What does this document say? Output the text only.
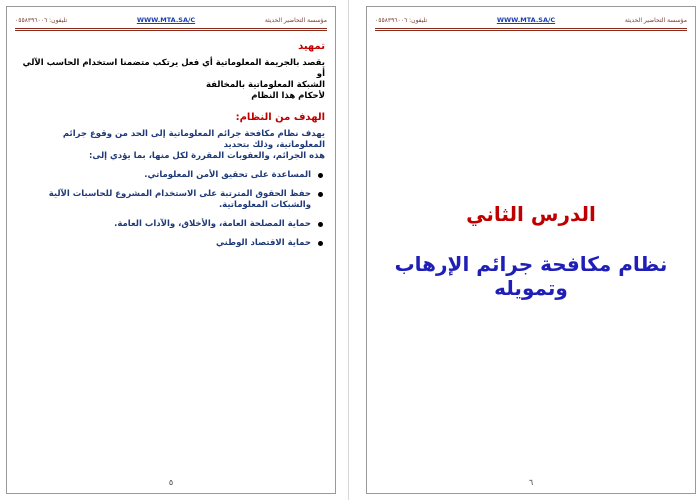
تليفون: ٠٥٥٨٣٩٦٠٠٦	WWW.MTA.SA/C	مؤسسة التحاضير الحديثة
تمهيد
يقصد بالجريمة المعلوماتية أي فعل يرتكب متضمنا استخدام الحاسب الآلي أو
الشبكة المعلوماتية بالمخالفة
لأحكام هذا النظام
الهدف من النظام:
يهدف نظام مكافحة جرائم المعلوماتية إلى الحد من وقوع جرائم المعلوماتية، وذلك بتحديد
هذه الجرائم، والعقوبات المقررة لكل منها، بما يؤدي إلى:
المساعدة على تحقيق الأمن المعلوماتي.
حفظ الحقوق المترتبة على الاستخدام المشروع للحاسبات الآلية والشبكات المعلوماتية.
حماية المصلحة العامة، والأخلاق، والآداب العامة.
حماية الاقتصاد الوطني
٥
تليفون: ٠٥٥٨٣٩٦٠٠٦	WWW.MTA.SA/C	مؤسسة التحاضير الحديثة
الدرس الثاني
نظام مكافحة جرائم الإرهاب وتمويله
٦
